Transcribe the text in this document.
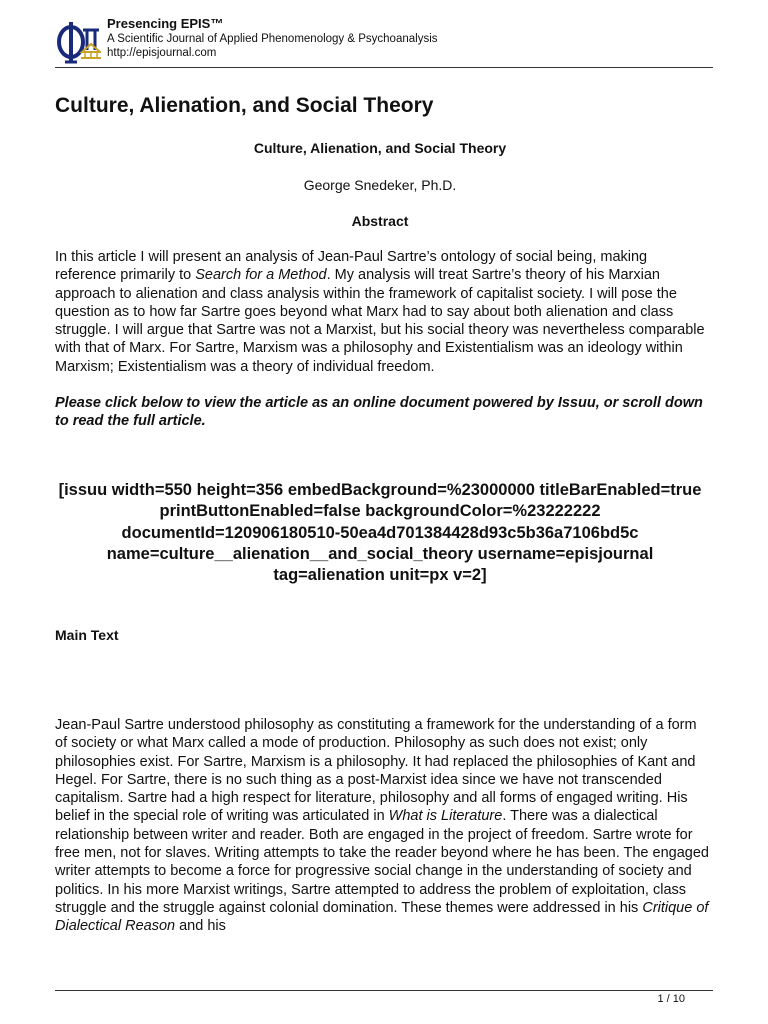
Presencing EPIS™

A Scientific Journal of Applied Phenomenology & Psychoanalysis

http://episjournal.com

Culture, Alienation, and Social Theory

Culture, Alienation, and Social Theory

George Snedeker, Ph.D.

Abstract

In this article I will present an analysis of Jean-Paul Sartre’s ontology of social being, making reference primarily to Search for a Method. My analysis will treat Sartre’s theory of his Marxian approach to alienation and class analysis within the framework of capitalist society. I will pose the question as to how far Sartre goes beyond what Marx had to say about both alienation and class struggle. I will argue that Sartre was not a Marxist, but his social theory was nevertheless comparable with that of Marx. For Sartre, Marxism was a philosophy and Existentialism was an ideology within Marxism; Existentialism was a theory of individual freedom.

Please click below to view the article as an online document powered by Issuu, or scroll down to read the full article.

[issuu width=550 height=356 embedBackground=%23000000 titleBarEnabled=true printButtonEnabled=false backgroundColor=%23222222 documentId=120906180510-50ea4d701384428d93c5b36a7106bd5c name=culture__alienation__and_social_theory username=episjournal tag=alienation unit=px v=2]

Main Text

Jean-Paul Sartre understood philosophy as constituting a framework for the understanding of a form of society or what Marx called a mode of production. Philosophy as such does not exist; only philosophies exist. For Sartre, Marxism is a philosophy. It had replaced the philosophies of Kant and Hegel. For Sartre, there is no such thing as a post-Marxist idea since we have not transcended capitalism. Sartre had a high respect for literature, philosophy and all forms of engaged writing. His belief in the special role of writing was articulated in What is Literature. There was a dialectical relationship between writer and reader. Both are engaged in the project of freedom. Sartre wrote for free men, not for slaves. Writing attempts to take the reader beyond where he has been. The engaged writer attempts to become a force for progressive social change in the understanding of society and politics. In his more Marxist writings, Sartre attempted to address the problem of exploitation, class struggle and the struggle against colonial domination. These themes were addressed in his Critique of Dialectical Reason and his

1 / 10
